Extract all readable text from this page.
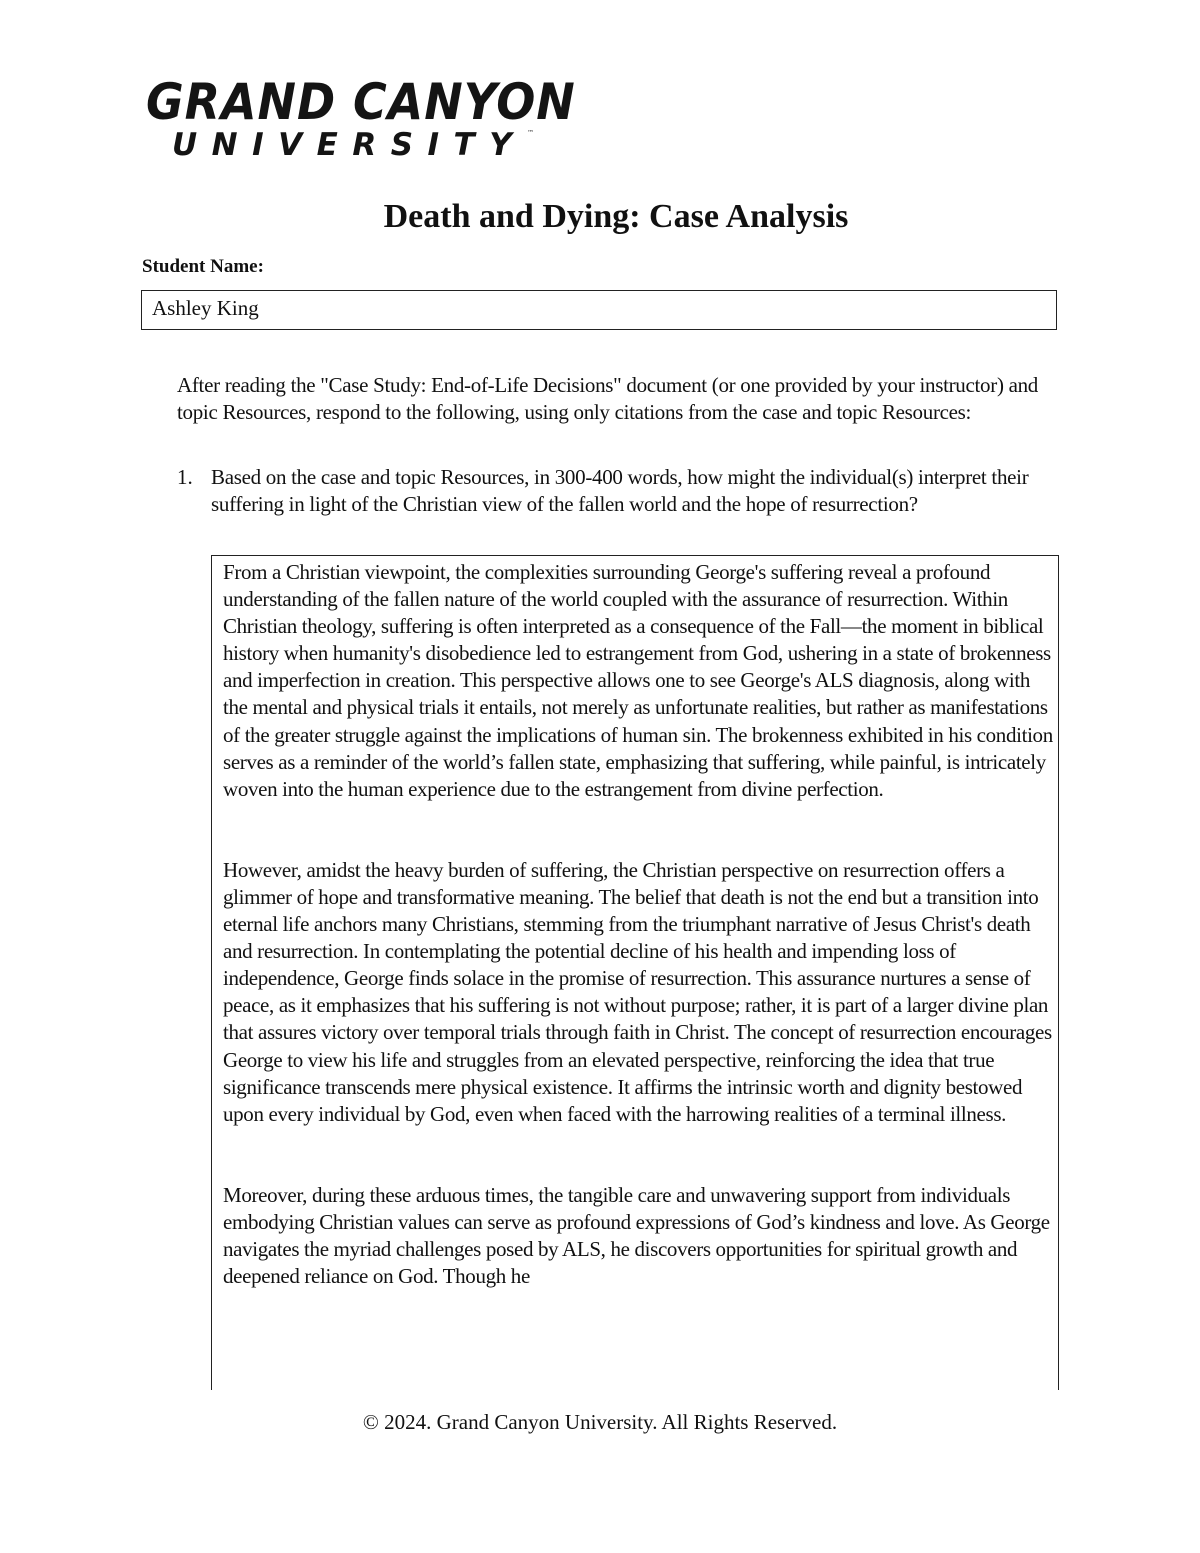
GRAND CANYON
UNIVERSITY ™
Death and Dying: Case Analysis
Student Name:
Ashley King
After reading the "Case Study: End-of-Life Decisions" document (or one provided by your instructor) and topic Resources, respond to the following, using only citations from the case and topic Resources:
1. Based on the case and topic Resources, in 300-400 words, how might the individual(s) interpret their suffering in light of the Christian view of the fallen world and the hope of resurrection?

From a Christian viewpoint, the complexities surrounding George's suffering reveal a profound understanding of the fallen nature of the world coupled with the assurance of resurrection. Within Christian theology, suffering is often interpreted as a consequence of the Fall—the moment in biblical history when humanity's disobedience led to estrangement from God, ushering in a state of brokenness and imperfection in creation. This perspective allows one to see George's ALS diagnosis, along with the mental and physical trials it entails, not merely as unfortunate realities, but rather as manifestations of the greater struggle against the implications of human sin. The brokenness exhibited in his condition serves as a reminder of the world’s fallen state, emphasizing that suffering, while painful, is intricately woven into the human experience due to the estrangement from divine perfection.

However, amidst the heavy burden of suffering, the Christian perspective on resurrection offers a glimmer of hope and transformative meaning. The belief that death is not the end but a transition into eternal life anchors many Christians, stemming from the triumphant narrative of Jesus Christ's death and resurrection. In contemplating the potential decline of his health and impending loss of independence, George finds solace in the promise of resurrection. This assurance nurtures a sense of peace, as it emphasizes that his suffering is not without purpose; rather, it is part of a larger divine plan that assures victory over temporal trials through faith in Christ. The concept of resurrection encourages George to view his life and struggles from an elevated perspective, reinforcing the idea that true significance transcends mere physical existence. It affirms the intrinsic worth and dignity bestowed upon every individual by God, even when faced with the harrowing realities of a terminal illness.

Moreover, during these arduous times, the tangible care and unwavering support from individuals embodying Christian values can serve as profound expressions of God’s kindness and love. As George navigates the myriad challenges posed by ALS, he discovers opportunities for spiritual growth and deepened reliance on God. Though he

© 2024. Grand Canyon University. All Rights Reserved.
